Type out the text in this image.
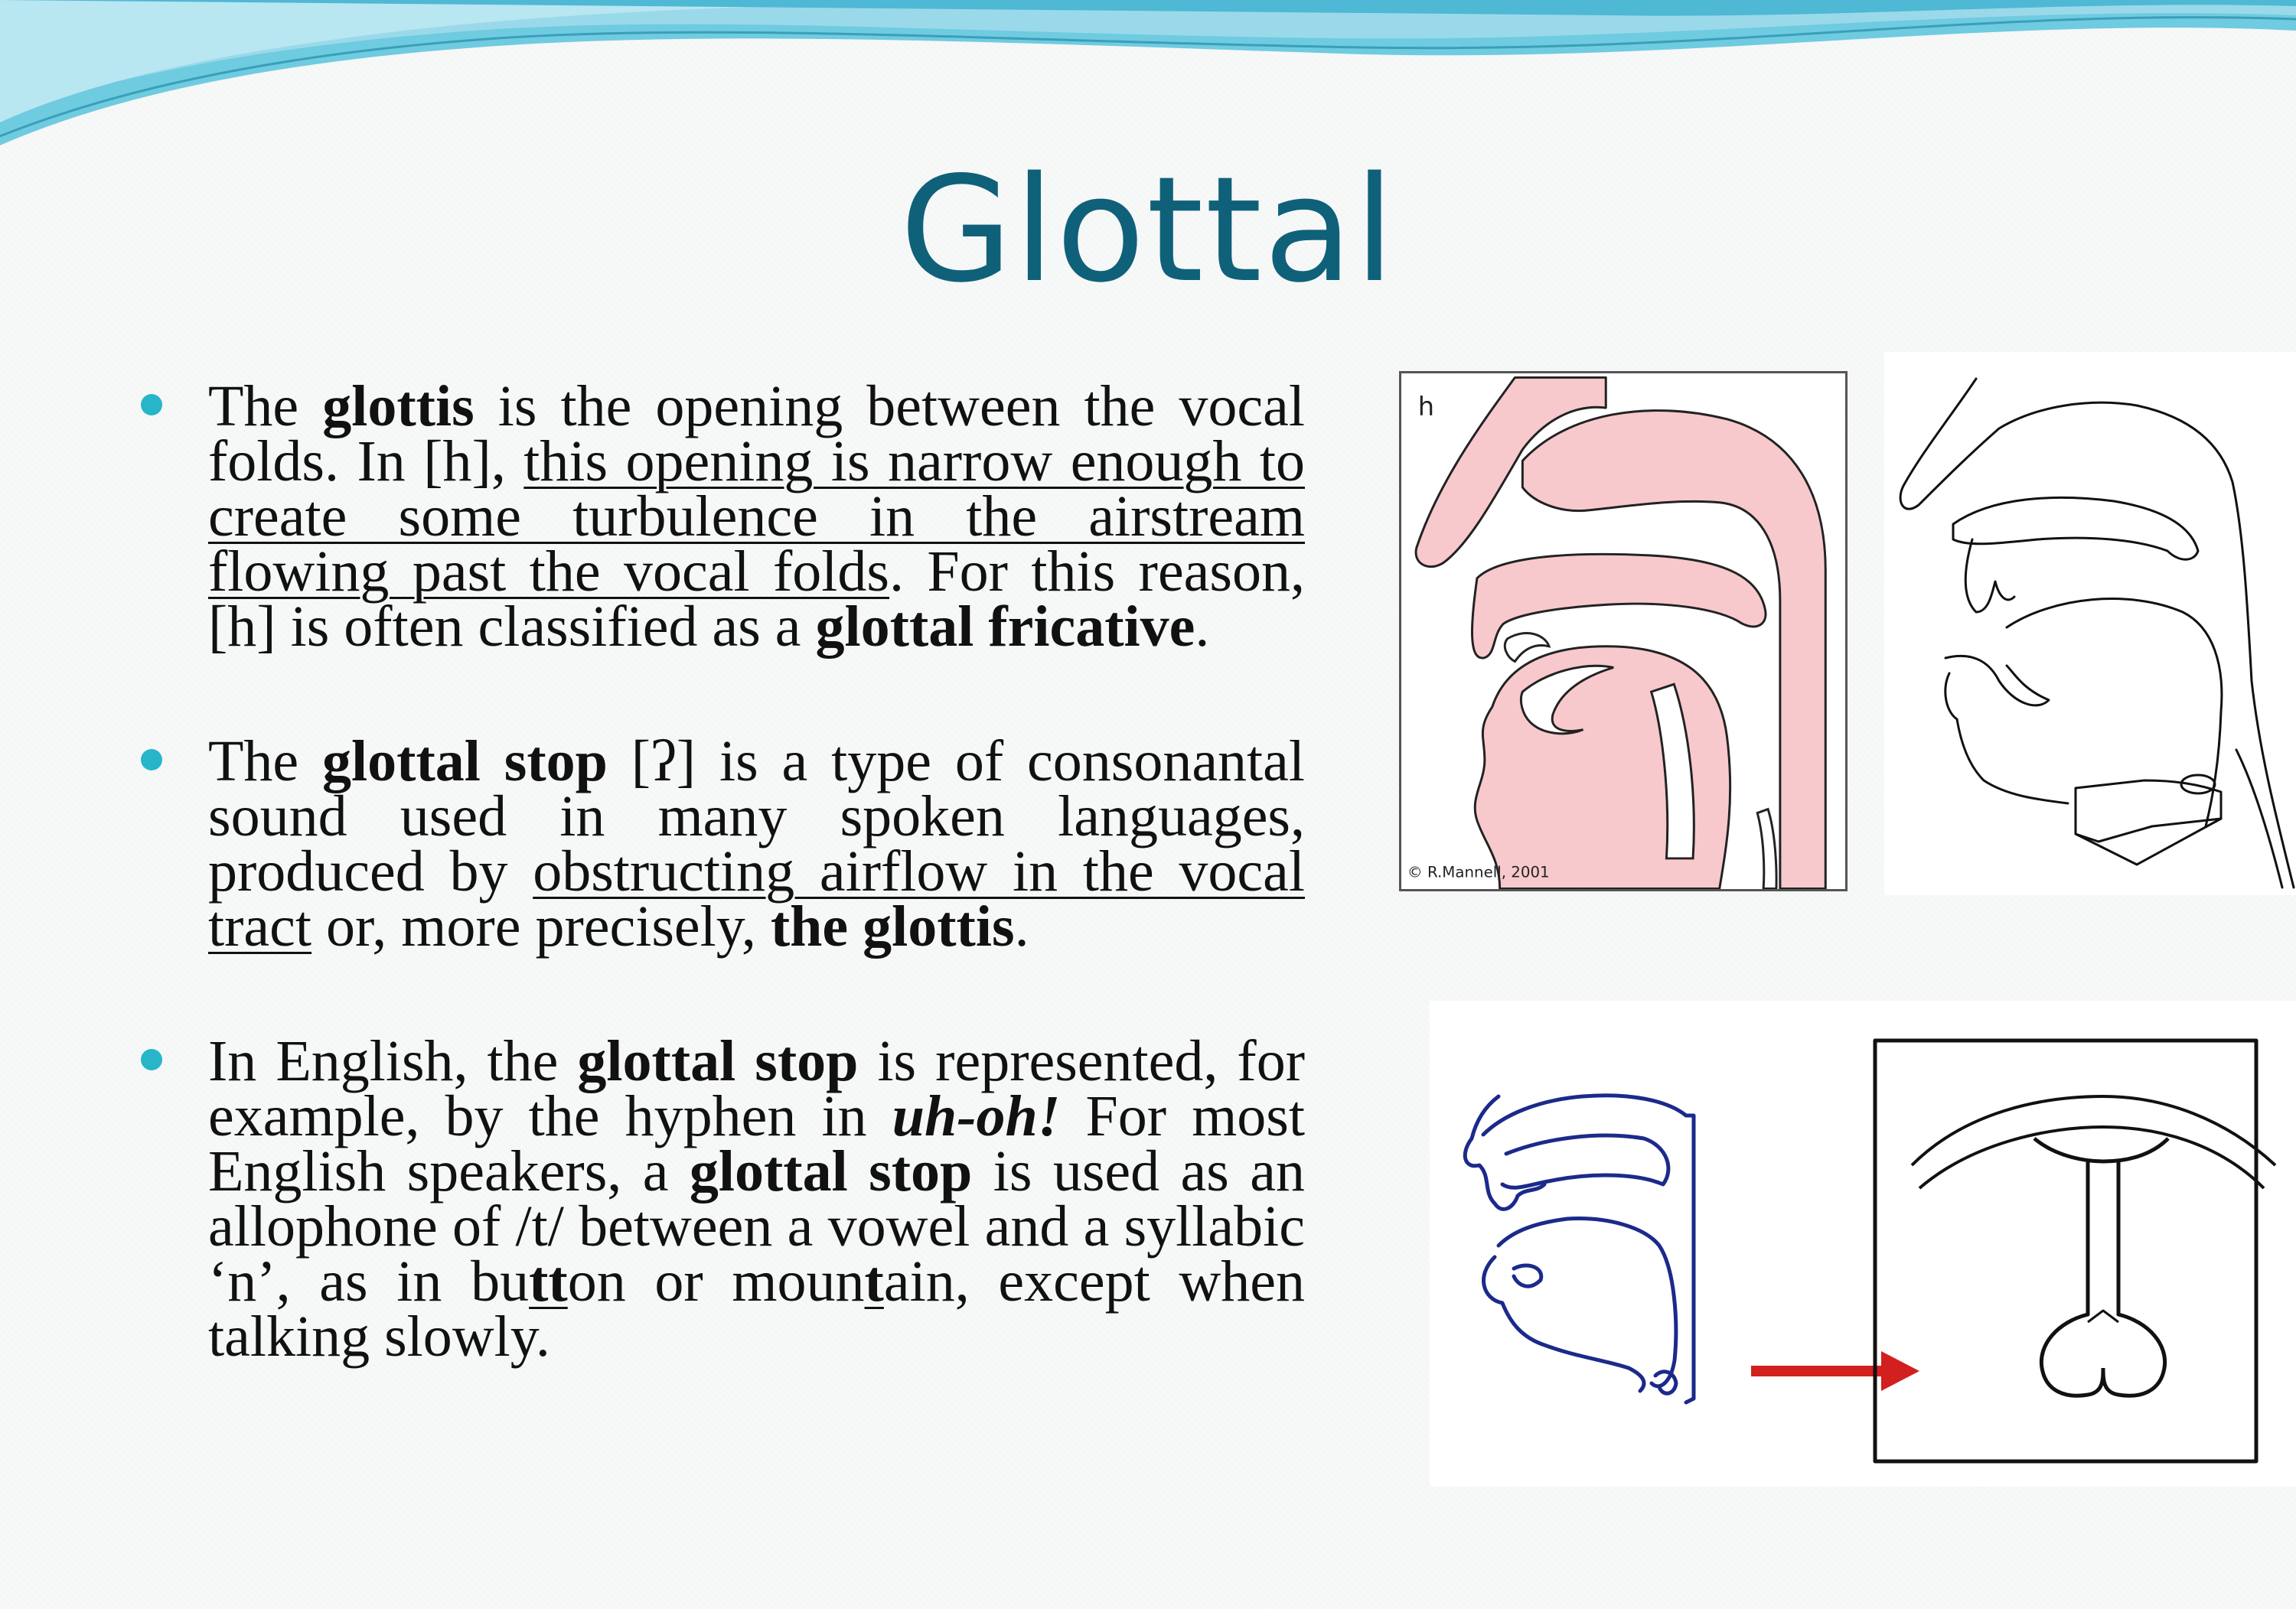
Glottal
The glottis is the opening between the vocal folds. In [h], this opening is narrow enough to create some turbulence in the airstream flowing past the vocal folds. For this reason, [h] is often classified as a glottal fricative.
The glottal stop [ʔ] is a type of consonantal sound used in many spoken languages, produced by obstructing airflow in the vocal tract or, more precisely, the glottis.
In English, the glottal stop is represented, for example, by the hyphen in uh-oh! For most English speakers, a glottal stop is used as an allophone of /t/ between a vowel and a syllabic ‘n’, as in button or mountain, except when talking slowly.
h
© R.Mannell, 2001
